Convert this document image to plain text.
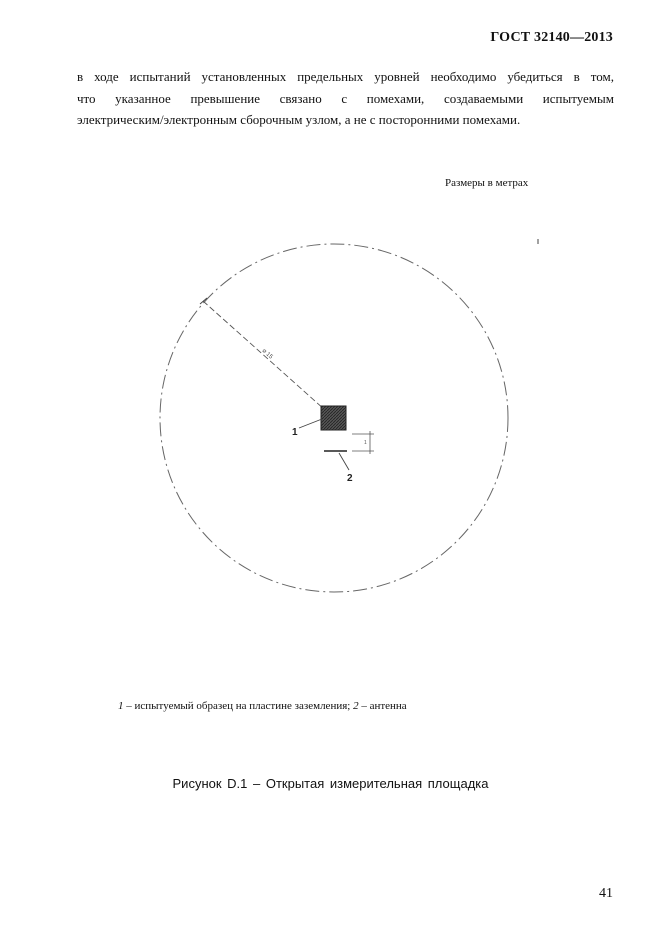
ГОСТ 32140—2013
в ходе испытаний установленных предельных уровней необходимо убедиться в том,
что указанное превышение связано с помехами, создаваемыми испытуемым
электрическим/электронным сборочным узлом, а не с посторонними помехами.
Размеры в метрах
⌀ 15
1
1
2
1 – испытуемый образец на пластине заземления; 2 – антенна
Рисунок D.1 – Открытая измерительная площадка
41
